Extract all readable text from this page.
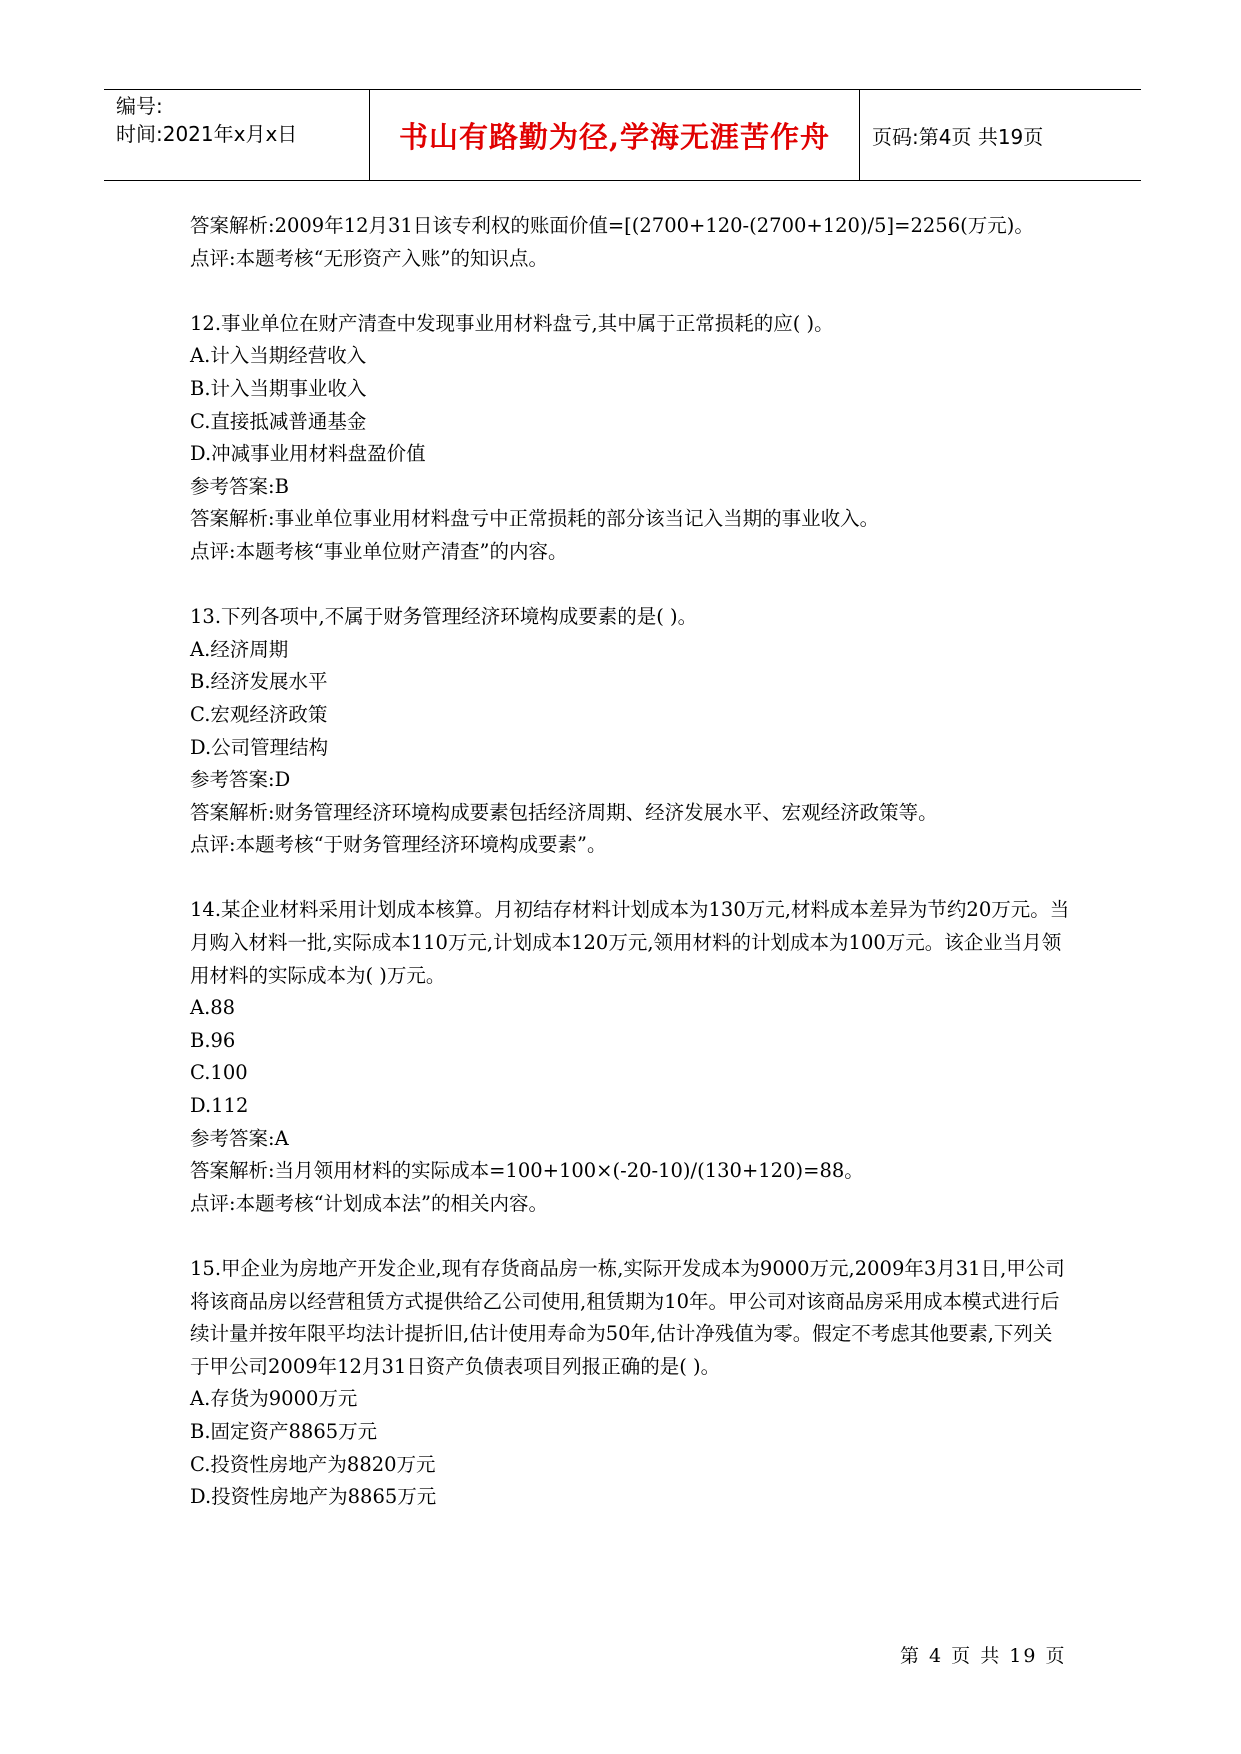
编号:
时间:2021年x月x日	书山有路勤为径,学海无涯苦作舟	页码:第4页 共19页

答案解析:2009年12月31日该专利权的账面价值=[(2700+120-(2700+120)/5]=2256(万元)。

点评:本题考核“无形资产入账”的知识点。

12.事业单位在财产清查中发现事业用材料盘亏,其中属于正常损耗的应( )。

A.计入当期经营收入

B.计入当期事业收入

C.直接抵减普通基金

D.冲减事业用材料盘盈价值

参考答案:B

答案解析:事业单位事业用材料盘亏中正常损耗的部分该当记入当期的事业收入。

点评:本题考核“事业单位财产清查”的内容。

13.下列各项中,不属于财务管理经济环境构成要素的是( )。

A.经济周期

B.经济发展水平

C.宏观经济政策

D.公司管理结构

参考答案:D

答案解析:财务管理经济环境构成要素包括经济周期、经济发展水平、宏观经济政策等。

点评:本题考核“于财务管理经济环境构成要素”。

14.某企业材料采用计划成本核算。月初结存材料计划成本为130万元,材料成本差异为节约20万元。当月购入材料一批,实际成本110万元,计划成本120万元,领用材料的计划成本为100万元。该企业当月领用材料的实际成本为( )万元。

A.88

B.96

C.100

D.112

参考答案:A

答案解析:当月领用材料的实际成本=100+100×(-20-10)/(130+120)=88。

点评:本题考核“计划成本法”的相关内容。

15.甲企业为房地产开发企业,现有存货商品房一栋,实际开发成本为9000万元,2009年3月31日,甲公司将该商品房以经营租赁方式提供给乙公司使用,租赁期为10年。甲公司对该商品房采用成本模式进行后续计量并按年限平均法计提折旧,估计使用寿命为50年,估计净残值为零。假定不考虑其他要素,下列关于甲公司2009年12月31日资产负债表项目列报正确的是( )。

A.存货为9000万元

B.固定资产8865万元

C.投资性房地产为8820万元

D.投资性房地产为8865万元

第 4 页 共 19 页
